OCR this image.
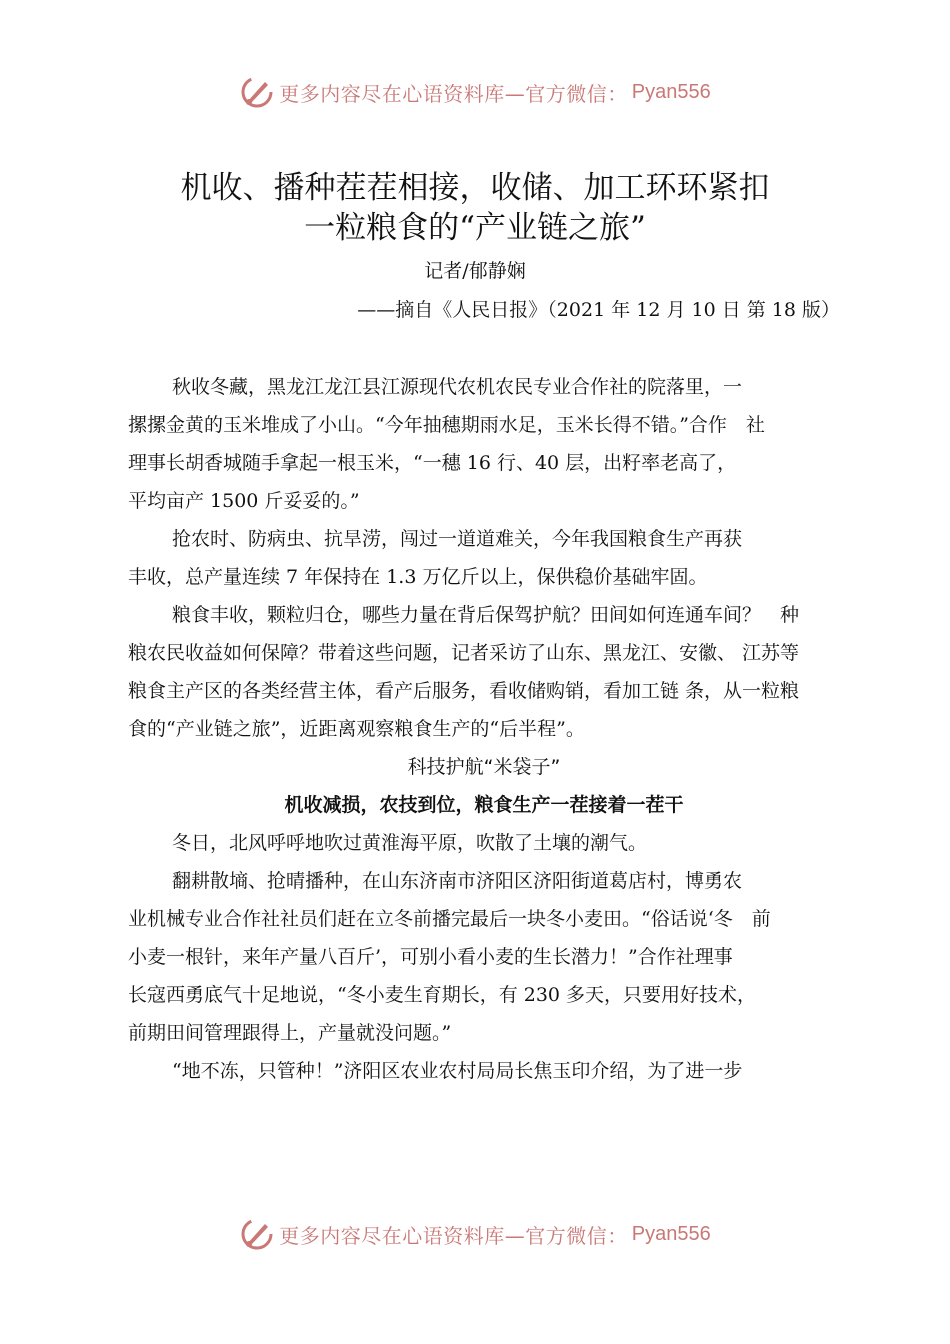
更多内容尽在心语资料库—官方微信： Pyan556
机收、播种茬茬相接，收储、加工环环紧扣
一粒粮食的“产业链之旅”
记者/郁静娴
——摘自《人民日报》（2021 年 12 月 10 日 第 18 版）
秋收冬藏，黑龙江龙江县江源现代农机农民专业合作社的院落里，一
摞摞金黄的玉米堆成了小山。“今年抽穗期雨水足，玉米长得不错。”合作　社
理事长胡香城随手拿起一根玉米，“一穗 16 行、40 层，出籽率老高了，
平均亩产 1500 斤妥妥的。”
抢农时、防病虫、抗旱涝，闯过一道道难关，今年我国粮食生产再获
丰收，总产量连续 7 年保持在 1.3 万亿斤以上，保供稳价基础牢固。
粮食丰收，颗粒归仓，哪些力量在背后保驾护航？田间如何连通车间？　种
粮农民收益如何保障？带着这些问题，记者采访了山东、黑龙江、安徽、 江苏等
粮食主产区的各类经营主体，看产后服务，看收储购销，看加工链 条，从一粒粮
食的“产业链之旅”，近距离观察粮食生产的“后半程”。
科技护航“米袋子”
机收减损，农技到位，粮食生产一茬接着一茬干
冬日，北风呼呼地吹过黄淮海平原，吹散了土壤的潮气。
翻耕散墒、抢晴播种，在山东济南市济阳区济阳街道葛店村，博勇农
业机械专业合作社社员们赶在立冬前播完最后一块冬小麦田。“俗话说‘冬　前
小麦一根针，来年产量八百斤’，可别小看小麦的生长潜力！”合作社理事
长寇西勇底气十足地说，“冬小麦生育期长，有 230 多天，只要用好技术，
前期田间管理跟得上，产量就没问题。”
“地不冻，只管种！”济阳区农业农村局局长焦玉印介绍，为了进一步
更多内容尽在心语资料库—官方微信： Pyan556
